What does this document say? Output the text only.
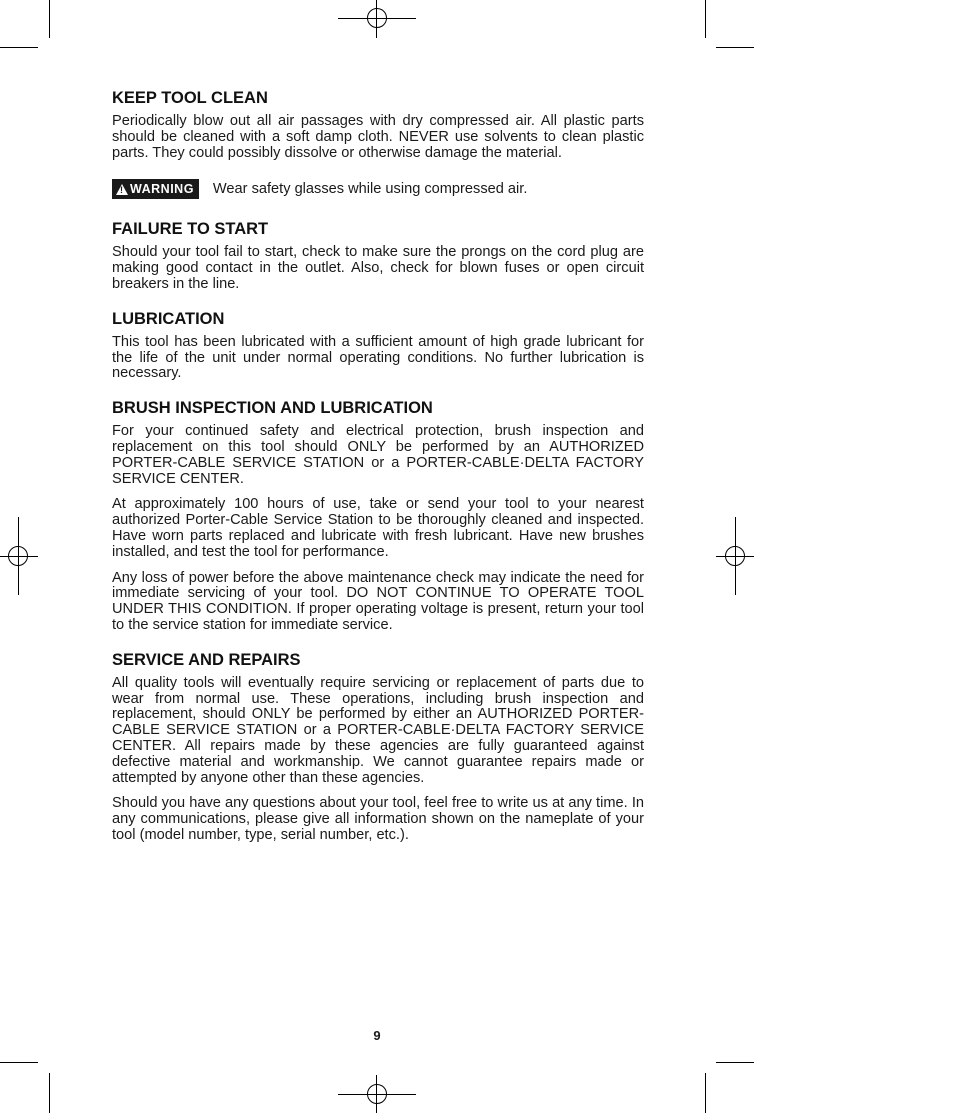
KEEP TOOL CLEAN

Periodically blow out all air passages with dry compressed air. All plastic parts should be cleaned with a soft damp cloth. NEVER use solvents to clean plastic parts. They could possibly dissolve or otherwise damage the material.

!
WARNING Wear safety glasses while using compressed air.
FAILURE TO START

Should your tool fail to start, check to make sure the prongs on the cord plug are making good contact in the outlet. Also, check for blown fuses or open circuit breakers in the line.

LUBRICATION

This tool has been lubricated with a sufficient amount of high grade lubricant for the life of the unit under normal operating conditions. No further lubrication is necessary.

BRUSH INSPECTION AND LUBRICATION

For your continued safety and electrical protection, brush inspection and replacement on this tool should ONLY be performed by an AUTHORIZED PORTER-CABLE SERVICE STATION or a PORTER-CABLE·DELTA FACTORY SERVICE CENTER.

At approximately 100 hours of use, take or send your tool to your nearest authorized Porter-Cable Service Station to be thoroughly cleaned and inspected. Have worn parts replaced and lubricate with fresh lubricant. Have new brushes installed, and test the tool for performance.

Any loss of power before the above maintenance check may indicate the need for immediate servicing of your tool. DO NOT CONTINUE TO OPERATE TOOL UNDER THIS CONDITION. If proper operating voltage is present, return your tool to the service station for immediate service.

SERVICE AND REPAIRS

All quality tools will eventually require servicing or replacement of parts due to wear from normal use. These operations, including brush inspection and replacement, should ONLY be performed by either an AUTHORIZED PORTER-CABLE SERVICE STATION or a PORTER-CABLE·DELTA FACTORY SERVICE CENTER. All repairs made by these agencies are fully guaranteed against defective material and workmanship. We cannot guarantee repairs made or attempted by anyone other than these agencies.

Should you have any questions about your tool, feel free to write us at any time. In any communications, please give all information shown on the nameplate of your tool (model number, type, serial number, etc.).

9
